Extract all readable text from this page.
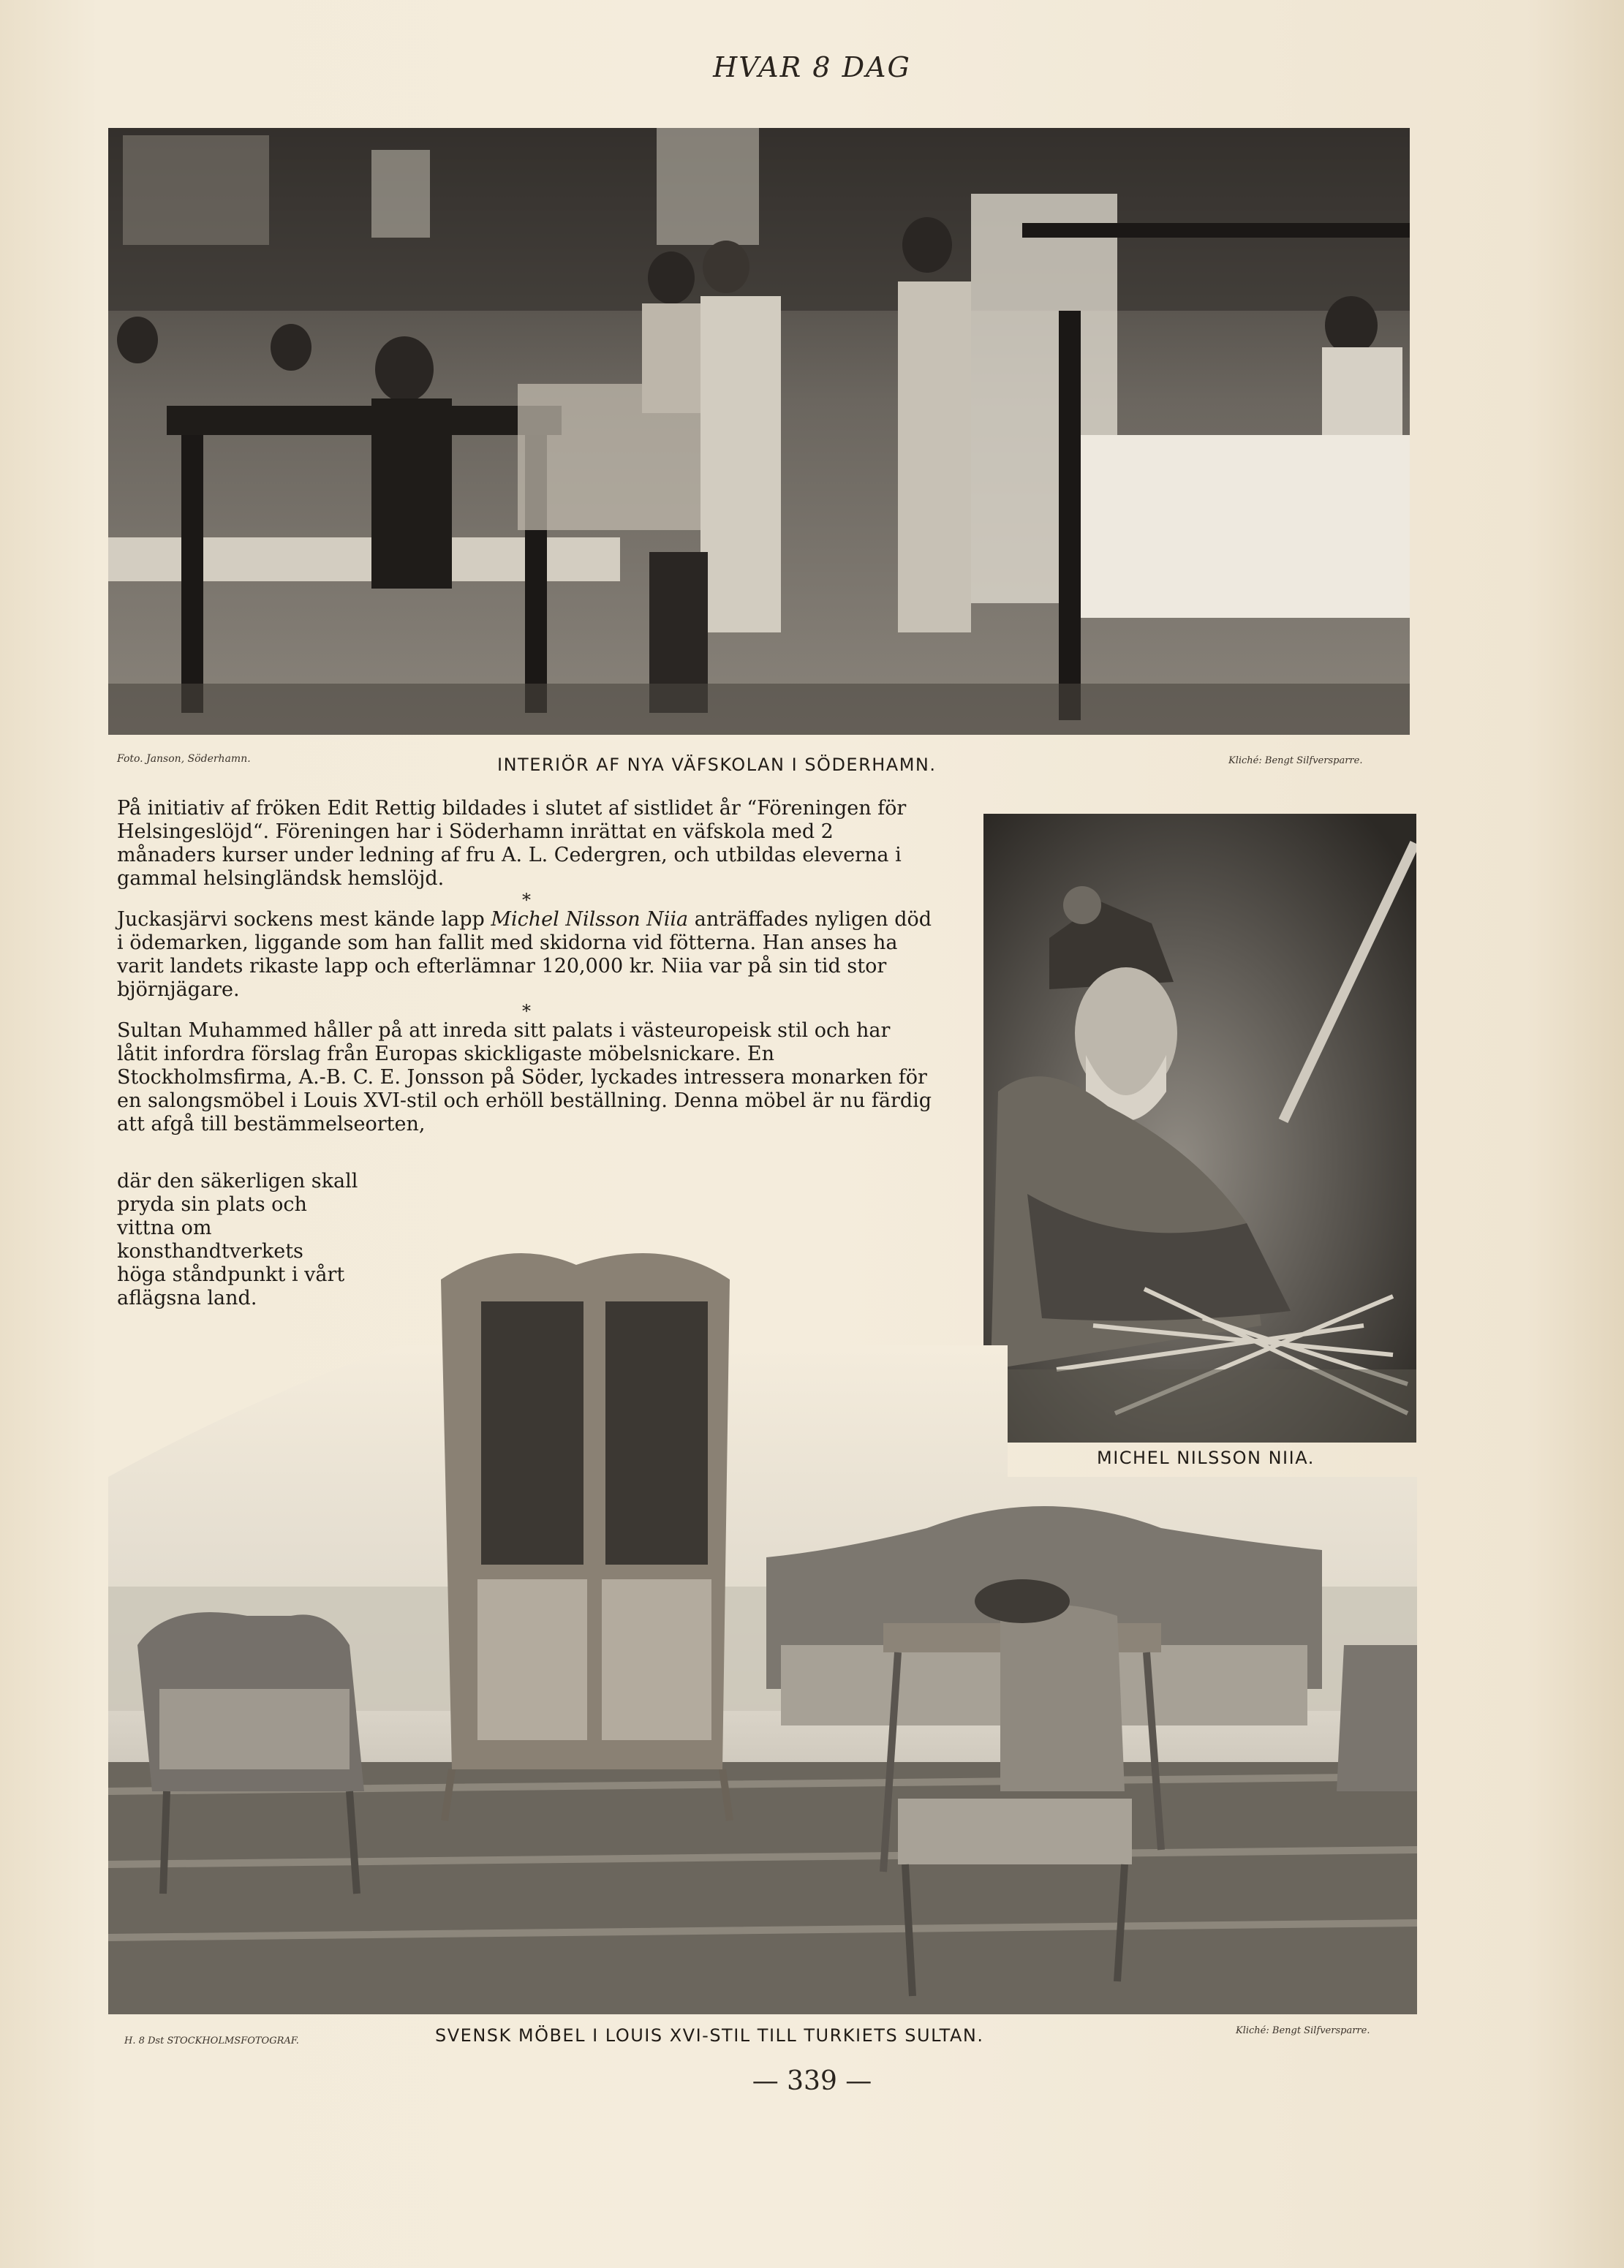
HVAR 8 DAG
Foto. Janson, Söderhamn.	INTERIÖR AF NYA VÄFSKOLAN I SÖDERHAMN.	Kliché: Bengt Silfversparre.

På initiativ af fröken Edit Rettig bildades i slutet af sistlidet år “Föreningen för Helsingeslöjd“. Föreningen har i Söderhamn inrättat en väfskola med 2 månaders kurser under ledning af fru A. L. Cedergren, och utbildas eleverna i gammal helsingländsk hemslöjd.

*

Juckasjärvi sockens mest kände lapp Michel Nilsson Niia anträffades nyligen död i ödemarken, liggande som han fallit med skidorna vid fötterna. Han anses ha varit landets rikaste lapp och efterlämnar 120,000 kr. Niia var på sin tid stor björnjägare.

*

Sultan Muhammed håller på att inreda sitt palats i västeuropeisk stil och har låtit infordra förslag från Europas skickligaste möbelsnickare. En Stockholmsfirma, A.-B. C. E. Jonsson på Söder, lyckades intressera monarken för en salongsmöbel i Louis XVI-stil och erhöll beställning. Denna möbel är nu färdig att afgå till bestämmelseorten,

där den säkerligen skall pryda sin plats och vittna om konsthandtverkets höga ståndpunkt i vårt aflägsna land.

MICHEL NILSSON NIIA.
H. 8 Dst STOCKHOLMSFOTOGRAF.	SVENSK MÖBEL I LOUIS XVI-STIL TILL TURKIETS SULTAN.	Kliché: Bengt Silfversparre.
— 339 —
